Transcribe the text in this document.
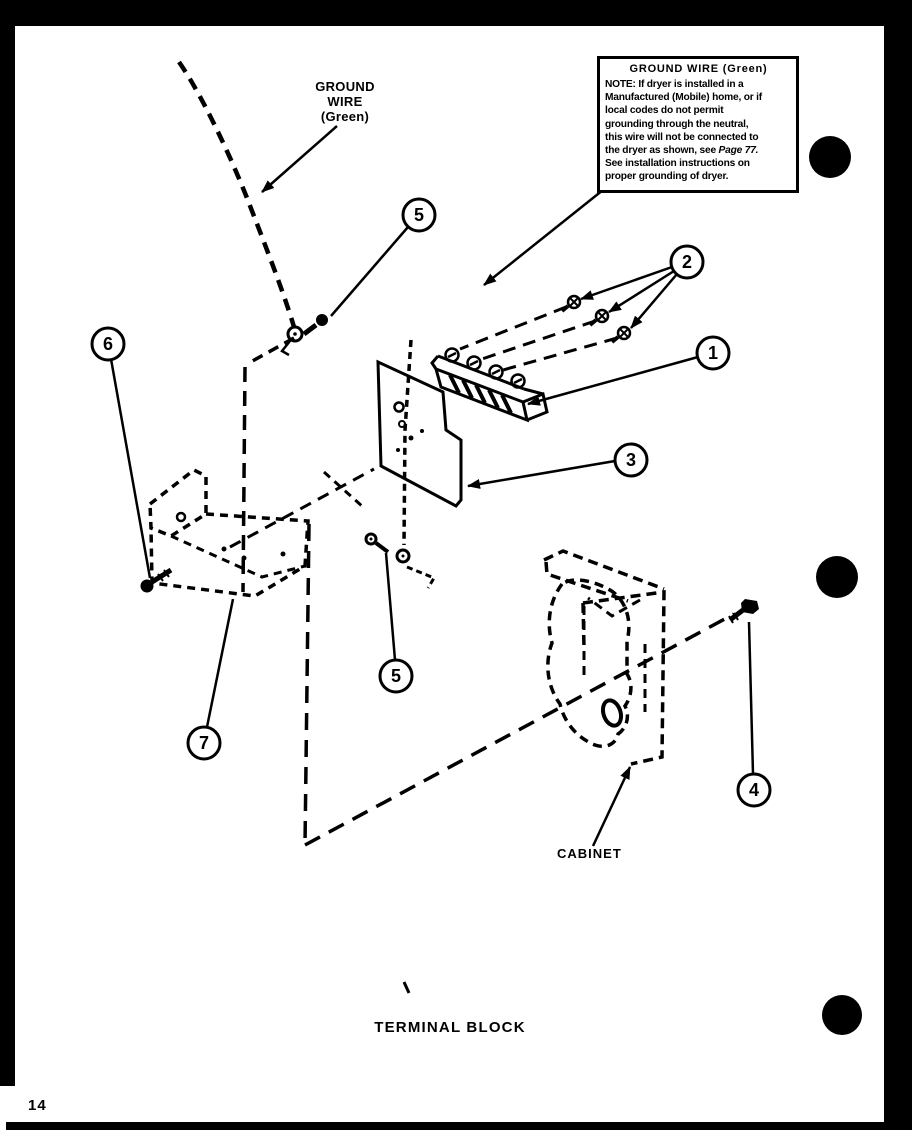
5
2
1
6
3
5
7
4
GROUND
WIRE
(Green)
GROUND WIRE (Green)
NOTE: If dryer is installed in a
Manufactured (Mobile) home, or if
local codes do not permit
grounding through the neutral,
this wire will not be connected to
the dryer as shown, see Page 77.
See installation instructions on
proper grounding of dryer.
CABINET
TERMINAL BLOCK
14
